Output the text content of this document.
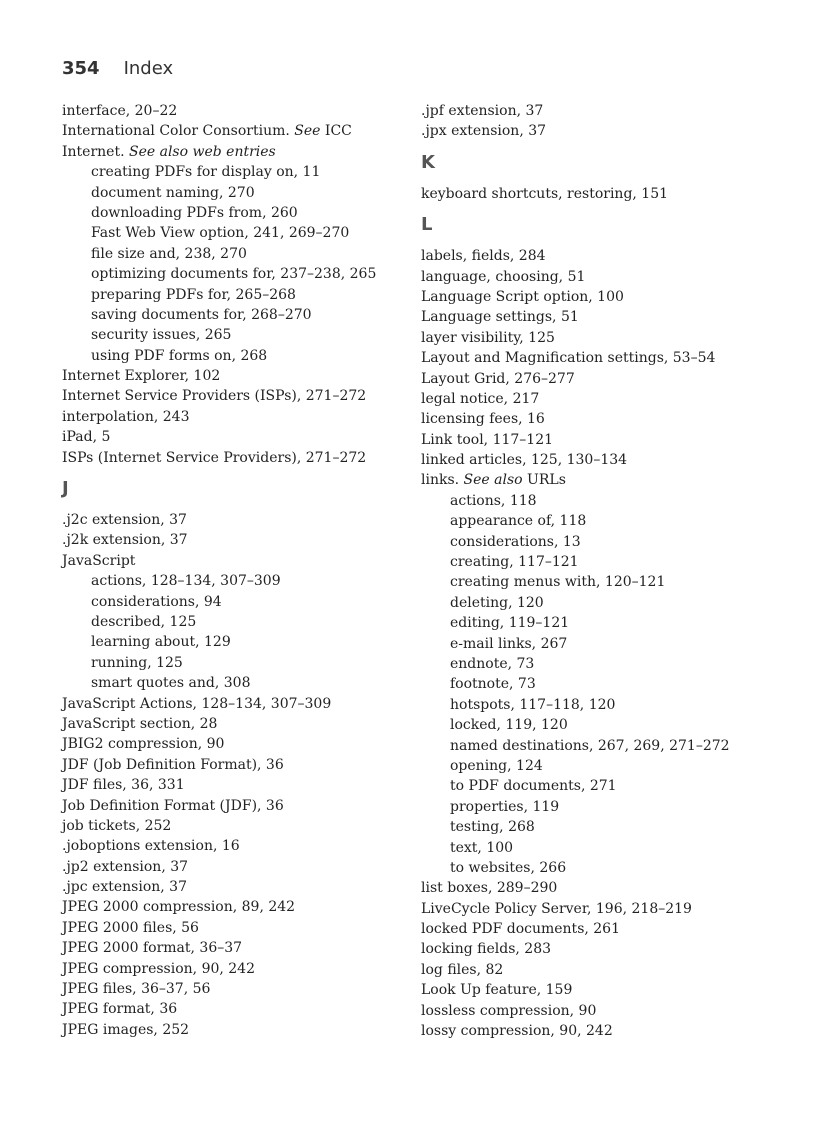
354 Index
interface, 20–22
International Color Consortium. See ICC
Internet. See also web entries
creating PDFs for display on, 11
document naming, 270
downloading PDFs from, 260
Fast Web View option, 241, 269–270
file size and, 238, 270
optimizing documents for, 237–238, 265
preparing PDFs for, 265–268
saving documents for, 268–270
security issues, 265
using PDF forms on, 268
Internet Explorer, 102
Internet Service Providers (ISPs), 271–272
interpolation, 243
iPad, 5
ISPs (Internet Service Providers), 271–272
J
.j2c extension, 37
.j2k extension, 37
JavaScript
actions, 128–134, 307–309
considerations, 94
described, 125
learning about, 129
running, 125
smart quotes and, 308
JavaScript Actions, 128–134, 307–309
JavaScript section, 28
JBIG2 compression, 90
JDF (Job Definition Format), 36
JDF files, 36, 331
Job Definition Format (JDF), 36
job tickets, 252
.joboptions extension, 16
.jp2 extension, 37
.jpc extension, 37
JPEG 2000 compression, 89, 242
JPEG 2000 files, 56
JPEG 2000 format, 36–37
JPEG compression, 90, 242
JPEG files, 36–37, 56
JPEG format, 36
JPEG images, 252
.jpf extension, 37
.jpx extension, 37
K
keyboard shortcuts, restoring, 151
L
labels, fields, 284
language, choosing, 51
Language Script option, 100
Language settings, 51
layer visibility, 125
Layout and Magnification settings, 53–54
Layout Grid, 276–277
legal notice, 217
licensing fees, 16
Link tool, 117–121
linked articles, 125, 130–134
links. See also URLs
actions, 118
appearance of, 118
considerations, 13
creating, 117–121
creating menus with, 120–121
deleting, 120
editing, 119–121
e-mail links, 267
endnote, 73
footnote, 73
hotspots, 117–118, 120
locked, 119, 120
named destinations, 267, 269, 271–272
opening, 124
to PDF documents, 271
properties, 119
testing, 268
text, 100
to websites, 266
list boxes, 289–290
LiveCycle Policy Server, 196, 218–219
locked PDF documents, 261
locking fields, 283
log files, 82
Look Up feature, 159
lossless compression, 90
lossy compression, 90, 242
